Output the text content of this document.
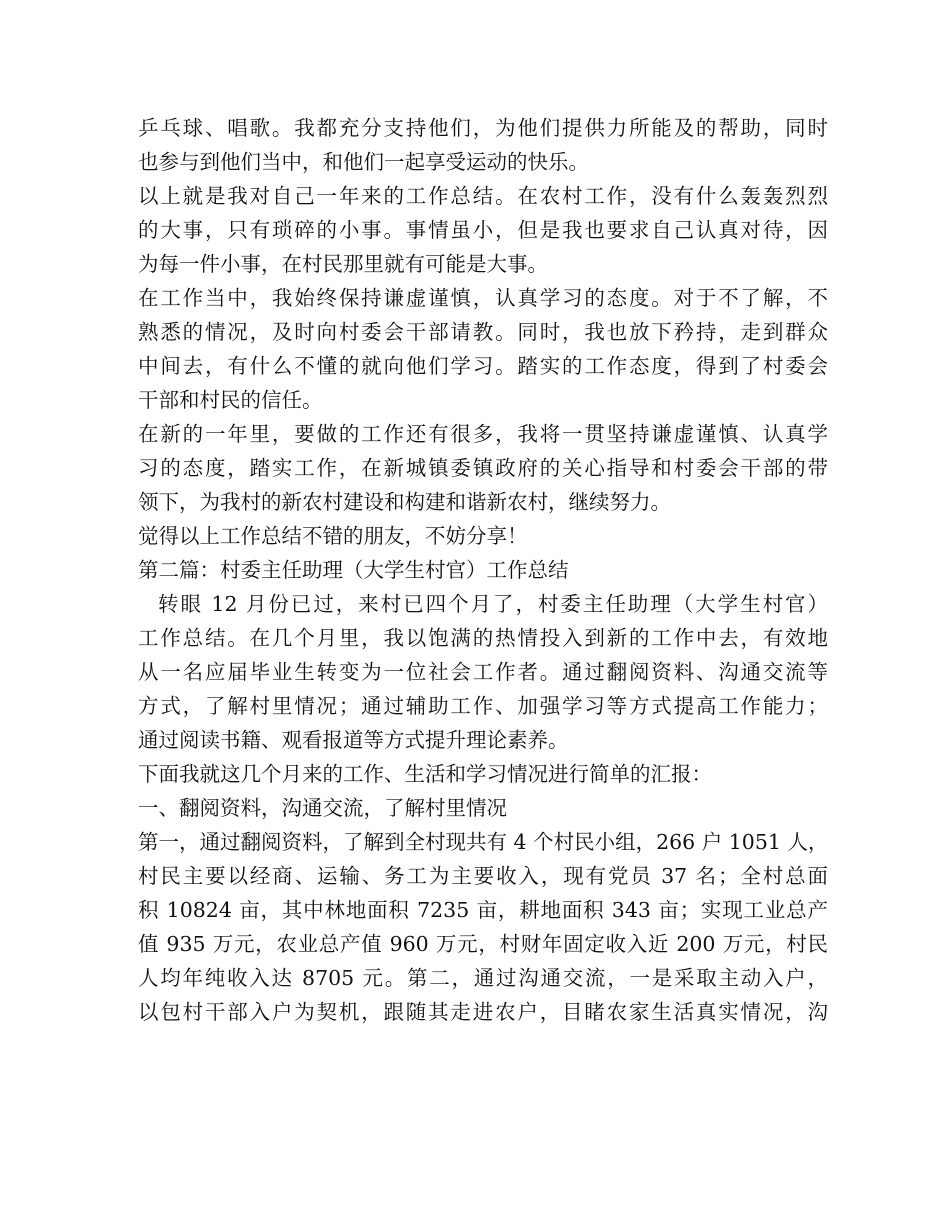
乒乓球、唱歌。我都充分支持他们，为他们提供力所能及的帮助，同时
也参与到他们当中，和他们一起享受运动的快乐。
以上就是我对自己一年来的工作总结。在农村工作，没有什么轰轰烈烈
的大事，只有琐碎的小事。事情虽小，但是我也要求自己认真对待，因
为每一件小事，在村民那里就有可能是大事。
在工作当中，我始终保持谦虚谨慎，认真学习的态度。对于不了解，不
熟悉的情况，及时向村委会干部请教。同时，我也放下矜持，走到群众
中间去，有什么不懂的就向他们学习。踏实的工作态度，得到了村委会
干部和村民的信任。
在新的一年里，要做的工作还有很多，我将一贯坚持谦虚谨慎、认真学
习的态度，踏实工作，在新城镇委镇政府的关心指导和村委会干部的带
领下，为我村的新农村建设和构建和谐新农村，继续努力。
觉得以上工作总结不错的朋友，不妨分享！
第二篇：村委主任助理（大学生村官）工作总结
转眼 12 月份已过，来村已四个月了，村委主任助理（大学生村官）
工作总结。在几个月里，我以饱满的热情投入到新的工作中去，有效地
从一名应届毕业生转变为一位社会工作者。通过翻阅资料、沟通交流等
方式，了解村里情况；通过辅助工作、加强学习等方式提高工作能力；
通过阅读书籍、观看报道等方式提升理论素养。
下面我就这几个月来的工作、生活和学习情况进行简单的汇报：
一、翻阅资料，沟通交流，了解村里情况
第一，通过翻阅资料，了解到全村现共有 4 个村民小组，266 户 1051 人，
村民主要以经商、运输、务工为主要收入，现有党员 37 名；全村总面
积 10824 亩，其中林地面积 7235 亩，耕地面积 343 亩；实现工业总产
值 935 万元，农业总产值 960 万元，村财年固定收入近 200 万元，村民
人均年纯收入达 8705 元。第二，通过沟通交流，一是采取主动入户，
以包村干部入户为契机，跟随其走进农户，目睹农家生活真实情况，沟
